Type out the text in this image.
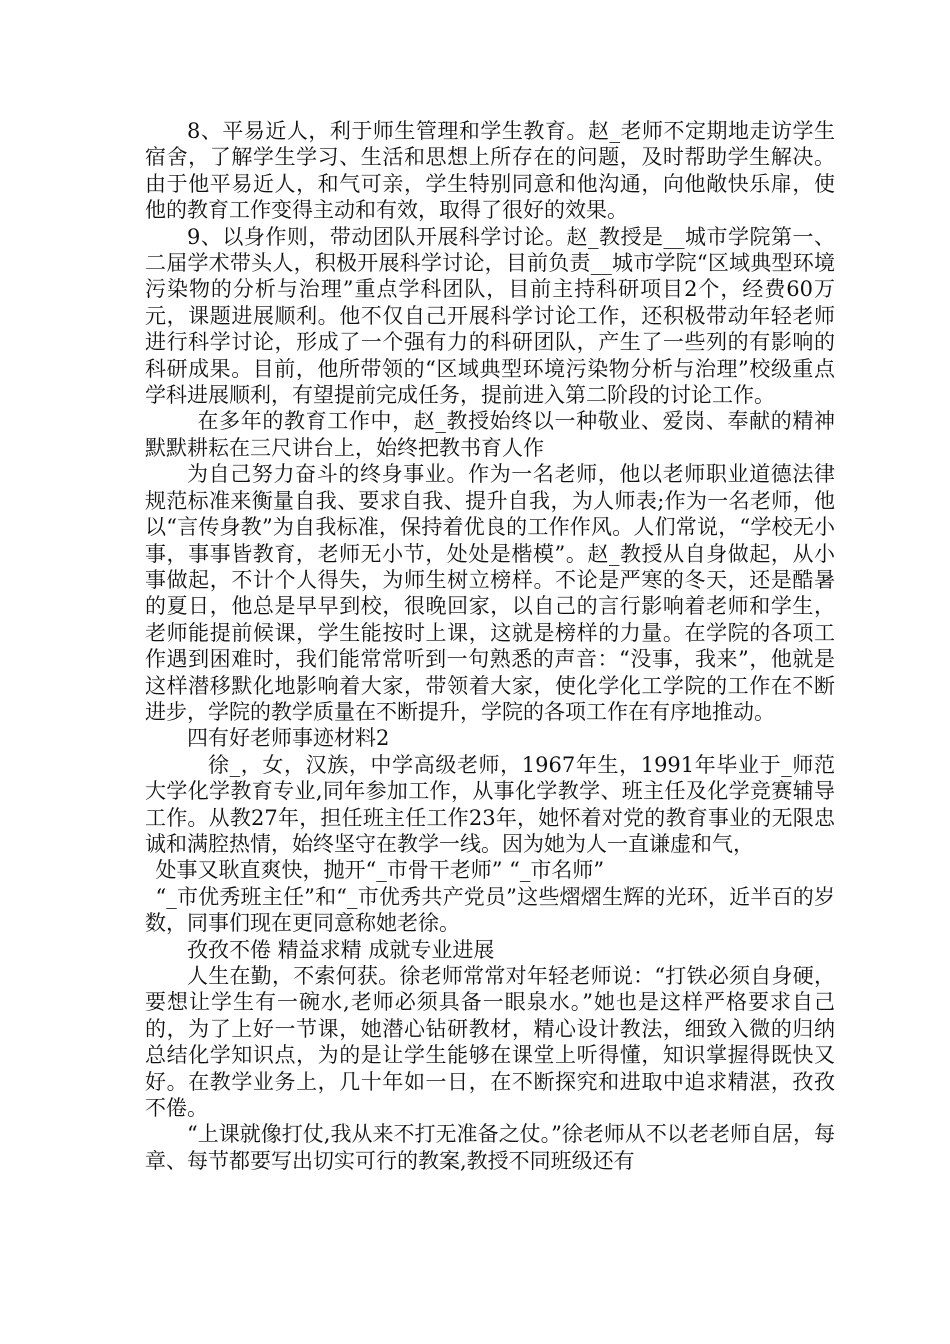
8、平易近人，利于师生管理和学生教育。赵_老师不定期地走访学生宿舍，了解学生学习、生活和思想上所存在的问题，及时帮助学生解决。由于他平易近人，和气可亲，学生特别同意和他沟通，向他敞快乐扉，使他的教育工作变得主动和有效，取得了很好的效果。

9、以身作则，带动团队开展科学讨论。赵_教授是__城市学院第一、二届学术带头人，积极开展科学讨论，目前负责__城市学院“区域典型环境污染物的分析与治理”重点学科团队，目前主持科研项目2个，经费60万元，课题进展顺利。他不仅自己开展科学讨论工作，还积极带动年轻老师进行科学讨论，形成了一个强有力的科研团队，产生了一些列的有影响的科研成果。目前，他所带领的“区域典型环境污染物分析与治理”校级重点学科进展顺利，有望提前完成任务，提前进入第二阶段的讨论工作。

在多年的教育工作中，赵_教授始终以一种敬业、爱岗、奉献的精神默默耕耘在三尺讲台上，始终把教书育人作

为自己努力奋斗的终身事业。作为一名老师，他以老师职业道德法律规范标准来衡量自我、要求自我、提升自我，为人师表;作为一名老师，他以“言传身教”为自我标准，保持着优良的工作作风。人们常说，“学校无小事，事事皆教育，老师无小节，处处是楷模”。赵_教授从自身做起，从小事做起，不计个人得失，为师生树立榜样。不论是严寒的冬天，还是酷暑的夏日，他总是早早到校，很晚回家，以自己的言行影响着老师和学生，老师能提前候课，学生能按时上课，这就是榜样的力量。在学院的各项工作遇到困难时，我们能常常听到一句熟悉的声音：“没事，我来”，他就是这样潜移默化地影响着大家，带领着大家，使化学化工学院的工作在不断进步，学院的教学质量在不断提升，学院的各项工作在有序地推动。

四有好老师事迹材料2

徐_，女，汉族，中学高级老师，1967年生，1991年毕业于_师范大学化学教育专业,同年参加工作，从事化学教学、班主任及化学竞赛辅导工作。从教27年，担任班主任工作23年，她怀着对党的教育事业的无限忠诚和满腔热情，始终坚守在教学一线。因为她为人一直谦虚和气，

处事又耿直爽快，抛开“_市骨干老师” “_市名师”

“_市优秀班主任”和“_市优秀共产党员”这些熠熠生辉的光环，近半百的岁数，同事们现在更同意称她老徐。

孜孜不倦 精益求精 成就专业进展

人生在勤，不索何获。徐老师常常对年轻老师说：“打铁必须自身硬，要想让学生有一碗水,老师必须具备一眼泉水。”她也是这样严格要求自己的，为了上好一节课，她潜心钻研教材，精心设计教法，细致入微的归纳总结化学知识点，为的是让学生能够在课堂上听得懂，知识掌握得既快又好。在教学业务上，几十年如一日，在不断探究和进取中追求精湛，孜孜不倦。

“上课就像打仗,我从来不打无准备之仗。”徐老师从不以老老师自居，每章、每节都要写出切实可行的教案,教授不同班级还有
